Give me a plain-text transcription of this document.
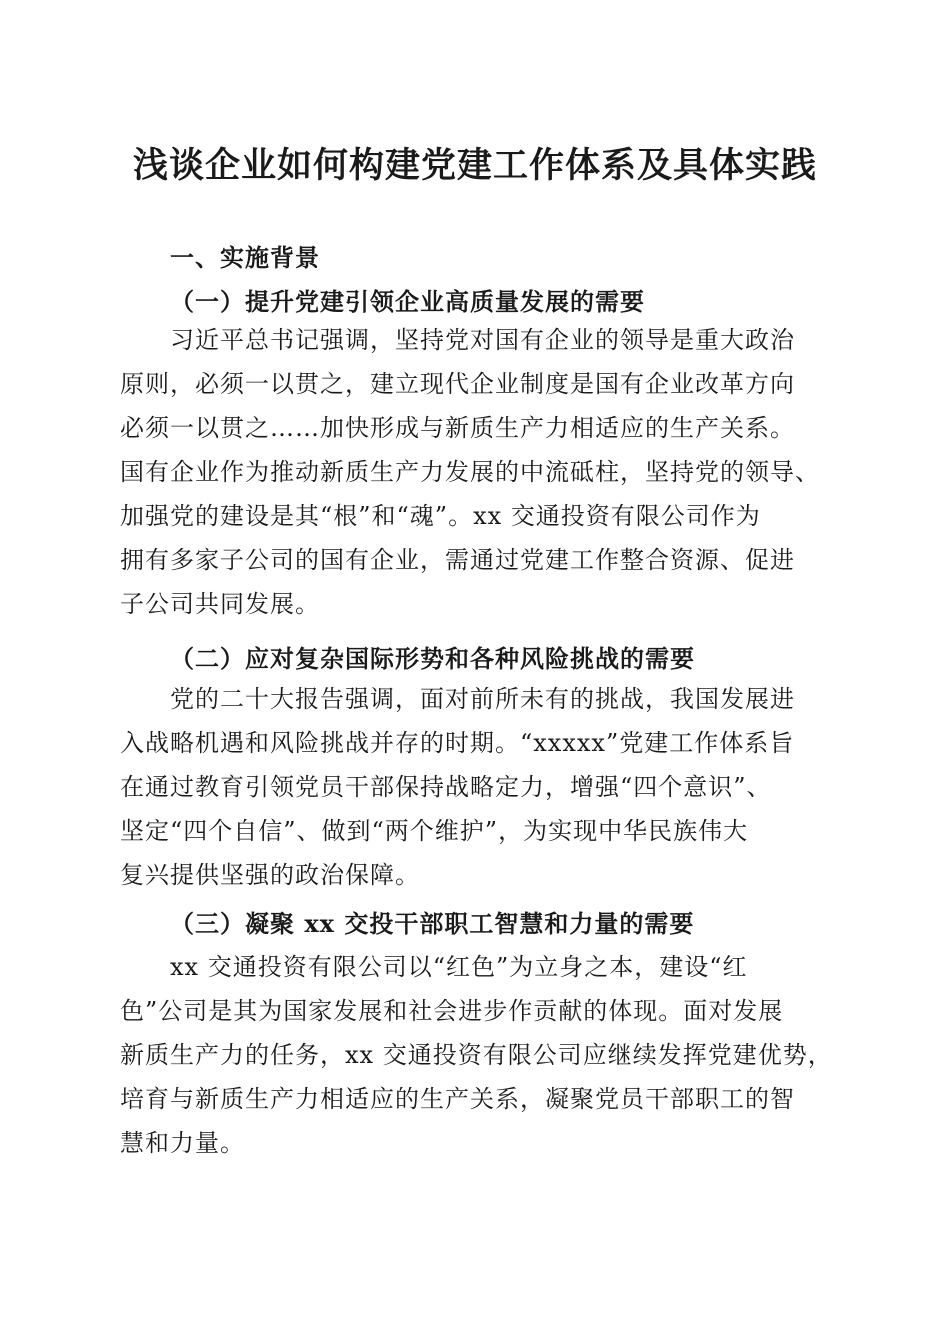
浅谈企业如何构建党建工作体系及具体实践
一、实施背景
（一）提升党建引领企业高质量发展的需要
习近平总书记强调，坚持党对国有企业的领导是重大政治
原则，必须一以贯之，建立现代企业制度是国有企业改革方向
必须一以贯之……加快形成与新质生产力相适应的生产关系。
国有企业作为推动新质生产力发展的中流砥柱，坚持党的领导、
加强党的建设是其“根”和“魂”。xx 交通投资有限公司作为
拥有多家子公司的国有企业，需通过党建工作整合资源、促进
子公司共同发展。
（二）应对复杂国际形势和各种风险挑战的需要
党的二十大报告强调，面对前所未有的挑战，我国发展进
入战略机遇和风险挑战并存的时期。“xxxxx”党建工作体系旨
在通过教育引领党员干部保持战略定力，增强“四个意识”、
坚定“四个自信”、做到“两个维护”，为实现中华民族伟大
复兴提供坚强的政治保障。
（三）凝聚 xx 交投干部职工智慧和力量的需要
xx 交通投资有限公司以“红色”为立身之本，建设“红
色”公司是其为国家发展和社会进步作贡献的体现。面对发展
新质生产力的任务，xx 交通投资有限公司应继续发挥党建优势，
培育与新质生产力相适应的生产关系，凝聚党员干部职工的智
慧和力量。
